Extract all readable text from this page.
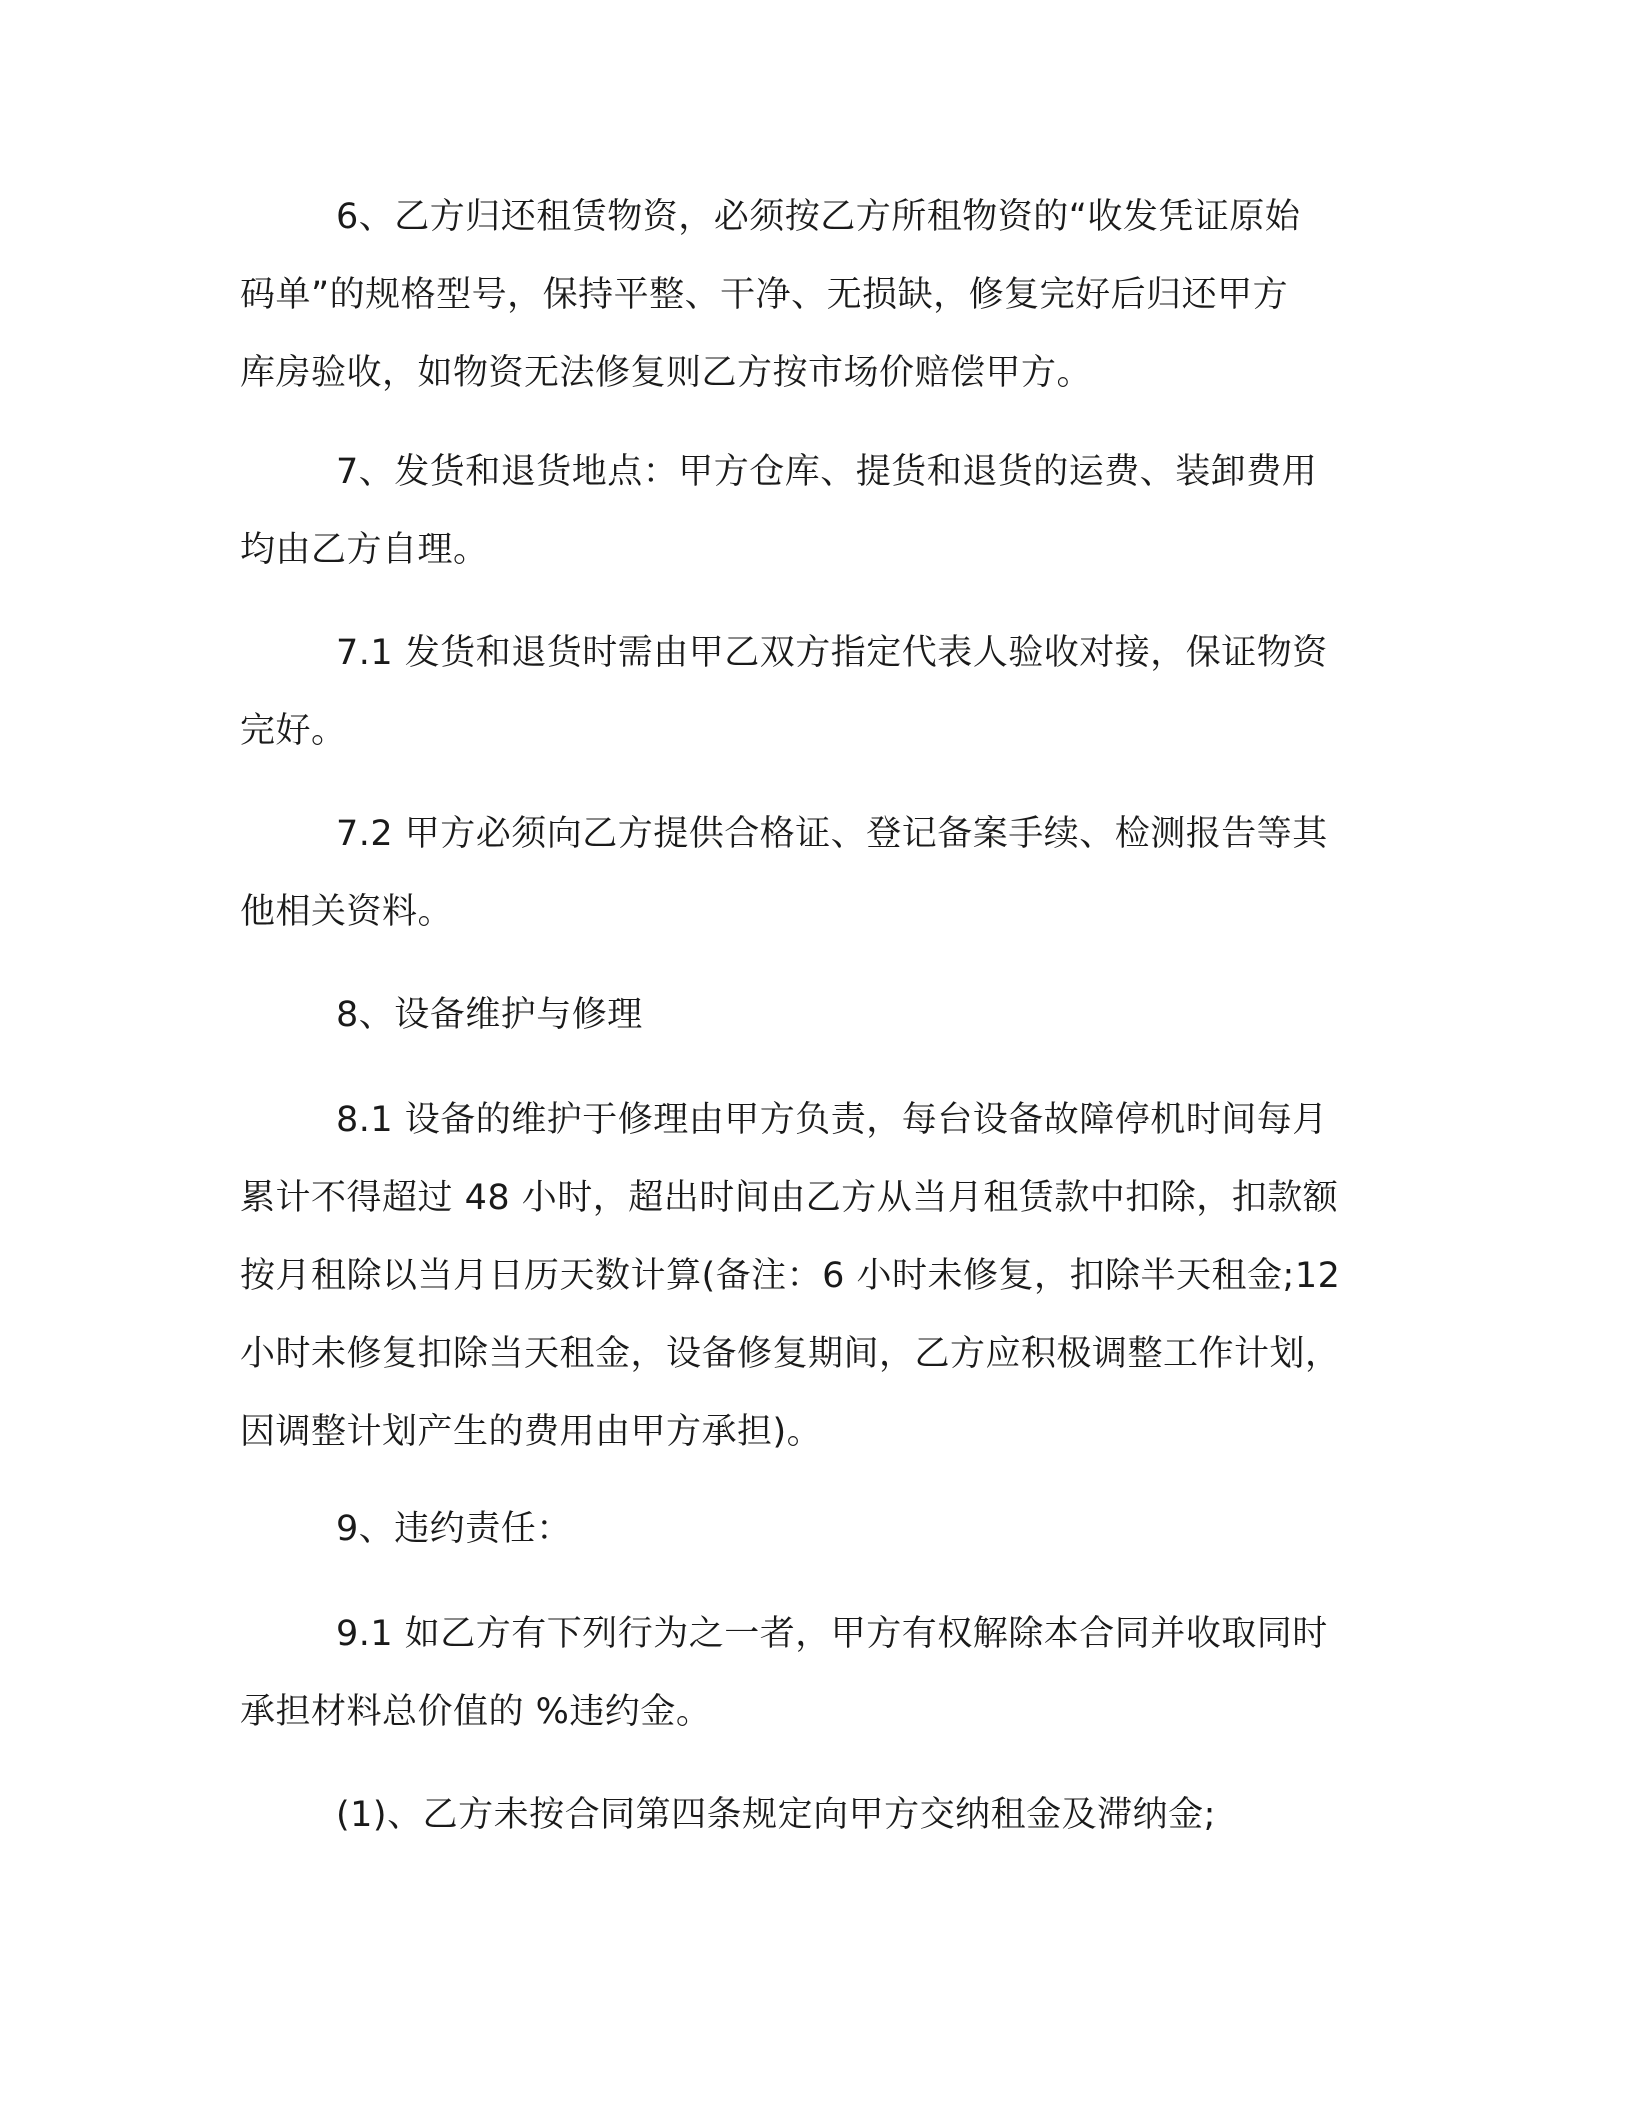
6、乙方归还租赁物资，必须按乙方所租物资的“收发凭证原始
码单”的规格型号，保持平整、干净、无损缺，修复完好后归还甲方
库房验收，如物资无法修复则乙方按市场价赔偿甲方。

7、发货和退货地点：甲方仓库、提货和退货的运费、装卸费用
均由乙方自理。

7.1 发货和退货时需由甲乙双方指定代表人验收对接，保证物资
完好。

7.2 甲方必须向乙方提供合格证、登记备案手续、检测报告等其
他相关资料。

8、设备维护与修理

8.1 设备的维护于修理由甲方负责，每台设备故障停机时间每月
累计不得超过 48 小时，超出时间由乙方从当月租赁款中扣除，扣款额
按月租除以当月日历天数计算(备注：6 小时未修复，扣除半天租金;12
小时未修复扣除当天租金，设备修复期间，乙方应积极调整工作计划，
因调整计划产生的费用由甲方承担)。

9、违约责任：

9.1 如乙方有下列行为之一者，甲方有权解除本合同并收取同时
承担材料总价值的 %违约金。

(1)、乙方未按合同第四条规定向甲方交纳租金及滞纳金;
